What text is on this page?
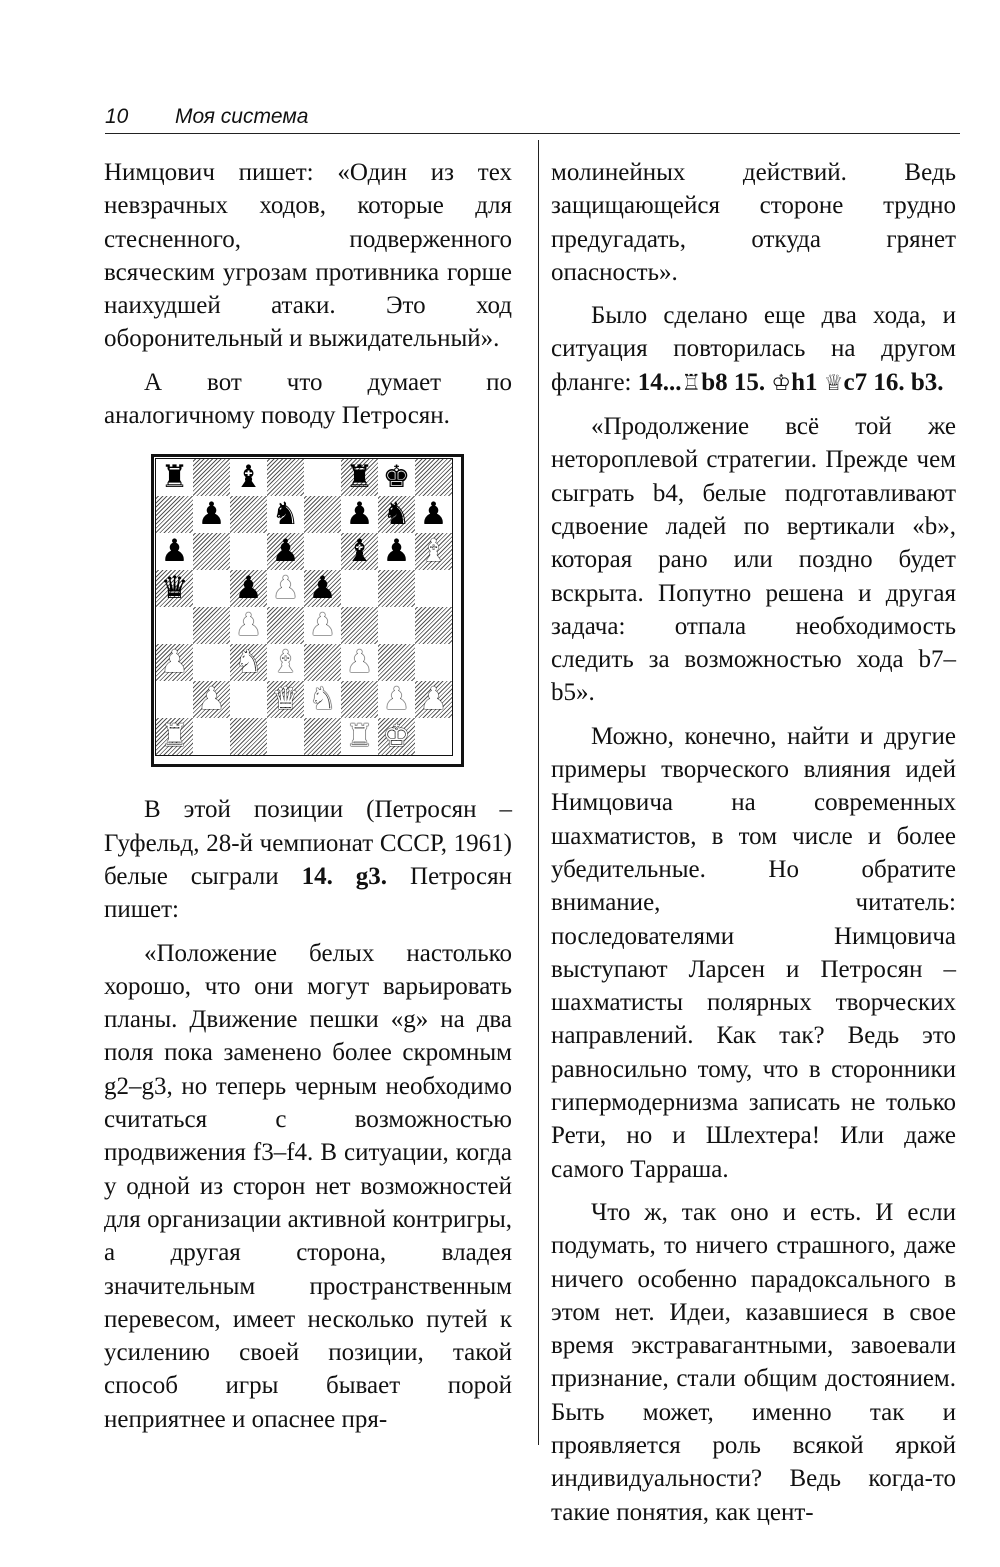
10 Моя система

Нимцович пишет: «Один из тех невзрачных ходов, которые для стесненного, подверженного всяческим угрозам противника горше наихудшей атаки. Это ход оборонительный и выжидательный».

А вот что думает по аналогичному поводу Петросян.

♜ ♝	♜ ♚
♟ ♞ ♟ ♞ ♟
♟	♟ ♝ ♟ ♝
♛ ♟ ♟ ♟
♟ ♟
♟ ♞ ♝ ♟
♟ ♛ ♞ ♟ ♟
♜	♜ ♚

В этой позиции (Петросян – Гуфельд, 28-й чемпионат СССР, 1961) белые сыграли 14. g3. Петросян пишет:

«Положение белых настолько хорошо, что они могут варьировать планы. Движение пешки «g» на два поля пока заменено более скромным g2–g3, но теперь черным необходимо считаться с возможностью продвижения f3–f4. В ситуации, когда у одной из сторон нет возможностей для организации активной контригры, а другая сторона, владея значительным пространственным перевесом, имеет несколько путей к усилению своей позиции, такой способ игры бывает порой неприятнее и опаснее пря-

молинейных действий. Ведь защищающейся стороне трудно предугадать, откуда грянет опасность».

Было сделано еще два хода, и ситуация повторилась на другом фланге: 14...♖b8 15. ♔h1 ♕c7 16. b3.

«Продолжение всё той же нетороплевой стратегии. Прежде чем сыграть b4, белые подготавливают сдвоение ладей по вертикали «b», которая рано или поздно будет вскрыта. Попутно решена и другая задача: отпала необходимость следить за возможностью хода b7–b5».

Можно, конечно, найти и другие примеры творческого влияния идей Нимцовича на современных шахматистов, в том числе и более убедительные. Но обратите внимание, читатель: последователями Нимцовича выступают Ларсен и Петросян – шахматисты полярных творческих направлений. Как так? Ведь это равносильно тому, что в сторонники гипермодернизма записать не только Рети, но и Шлехтера! Или даже самого Тарраша.

Что ж, так оно и есть. И если подумать, то ничего страшного, даже ничего особенно парадоксального в этом нет. Идеи, казавшиеся в свое время экстравагантными, завоевали признание, стали общим достоянием. Быть может, именно так и проявляется роль всякой яркой индивидуальности? Ведь когда-то такие понятия, как цент-
